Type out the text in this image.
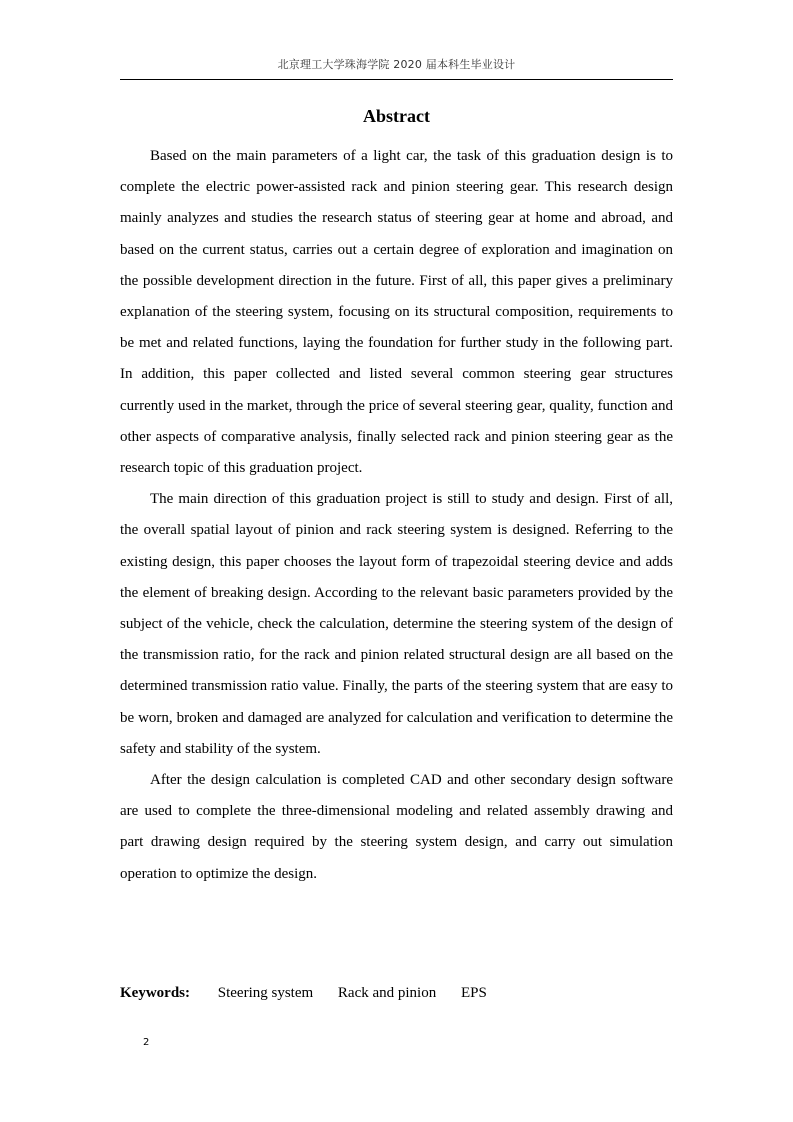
北京理工大学珠海学院 2020 届本科生毕业设计
Abstract

Based on the main parameters of a light car, the task of this graduation design is to complete the electric power-assisted rack and pinion steering gear. This research design mainly analyzes and studies the research status of steering gear at home and abroad, and based on the current status, carries out a certain degree of exploration and imagination on the possible development direction in the future. First of all, this paper gives a preliminary explanation of the steering system, focusing on its structural composition, requirements to be met and related functions, laying the foundation for further study in the following part. In addition, this paper collected and listed several common steering gear structures currently used in the market, through the price of several steering gear, quality, function and other aspects of comparative analysis, finally selected rack and pinion steering gear as the research topic of this graduation project.

The main direction of this graduation project is still to study and design. First of all, the overall spatial layout of pinion and rack steering system is designed. Referring to the existing design, this paper chooses the layout form of trapezoidal steering device and adds the element of breaking design. According to the relevant basic parameters provided by the subject of the vehicle, check the calculation, determine the steering system of the design of the transmission ratio, for the rack and pinion related structural design are all based on the determined transmission ratio value. Finally, the parts of the steering system that are easy to be worn, broken and damaged are analyzed for calculation and verification to determine the safety and stability of the system.

After the design calculation is completed CAD and other secondary design software are used to complete the three-dimensional modeling and related assembly drawing and part drawing design required by the steering system design, and carry out simulation operation to optimize the design.

Keywords: Steering system Rack and pinion EPS
2
